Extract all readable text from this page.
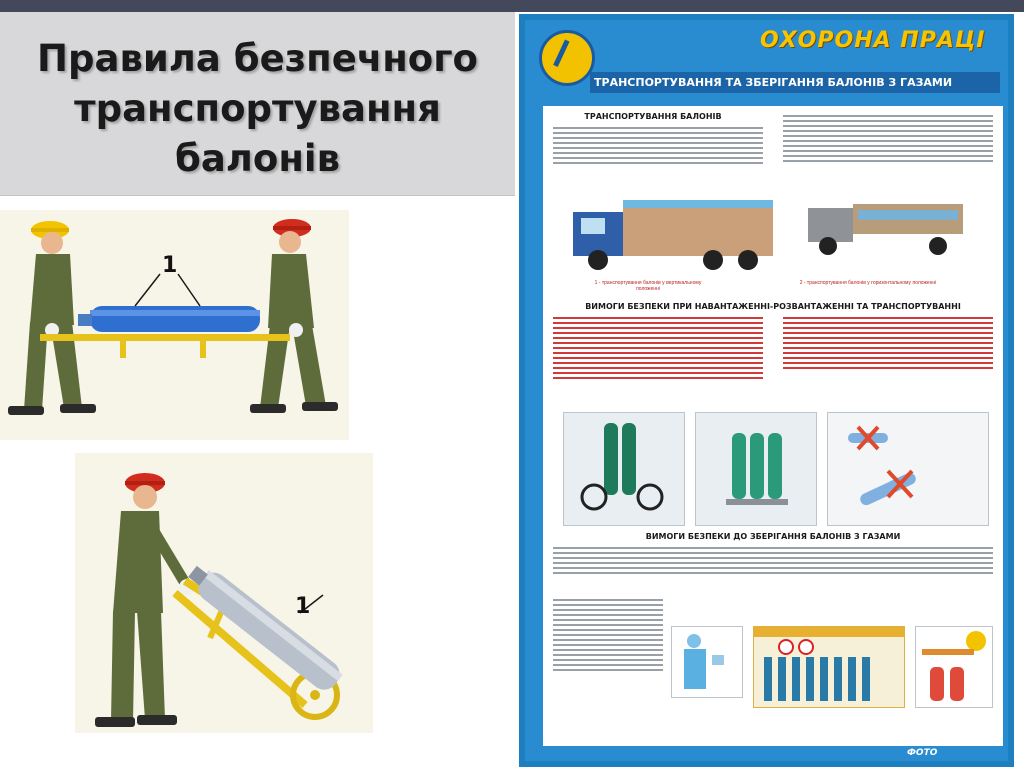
Правила безпечного
транспортування
балонів
1
1
ОХОРОНА ПРАЦІ
ТРАНСПОРТУВАННЯ ТА ЗБЕРІГАННЯ БАЛОНІВ З ГАЗАМИ
ТРАНСПОРТУВАННЯ БАЛОНІВ
1 - транспортування балонів у вертикальному положенні
2 - транспортування балонів у горизонтальному положенні
ВИМОГИ БЕЗПЕКИ ПРИ НАВАНТАЖЕННІ-РОЗВАНТАЖЕННІ ТА ТРАНСПОРТУВАННІ
ВИМОГИ БЕЗПЕКИ ДО ЗБЕРІГАННЯ БАЛОНІВ З ГАЗАМИ
ФОТО
